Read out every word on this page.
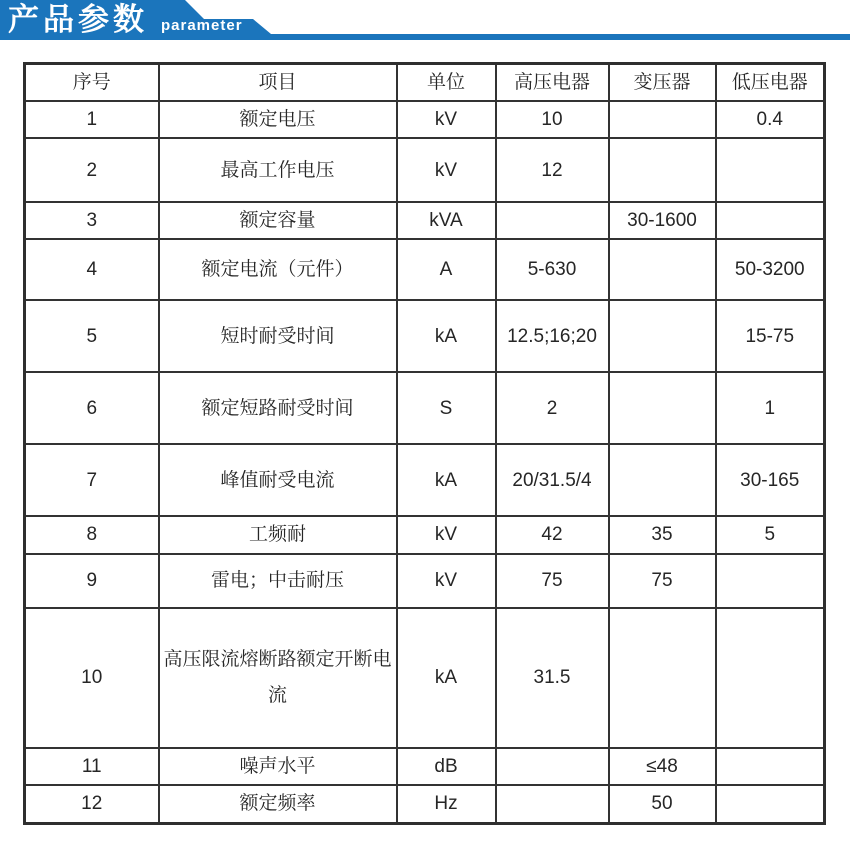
产品参数 parameter
序号	项目	单位	高压电器	变压器	低压电器
1	额定电压	kV	10		0.4
2	最高工作电压	kV	12		
3	额定容量	kVA		30-1600	
4	额定电流（元件）	A	5-630		50-3200
5	短时耐受时间	kA	12.5;16;20		15-75
6	额定短路耐受时间	S	2		1
7	峰值耐受电流	kA	20/31.5/4		30-165
8	工频耐	kV	42	35	5
9	雷电；中击耐压	kV	75	75	
10	高压限流熔断路额定开断电流	kA	31.5		
11	噪声水平	dB		≤48	
12	额定频率	Hz		50	
